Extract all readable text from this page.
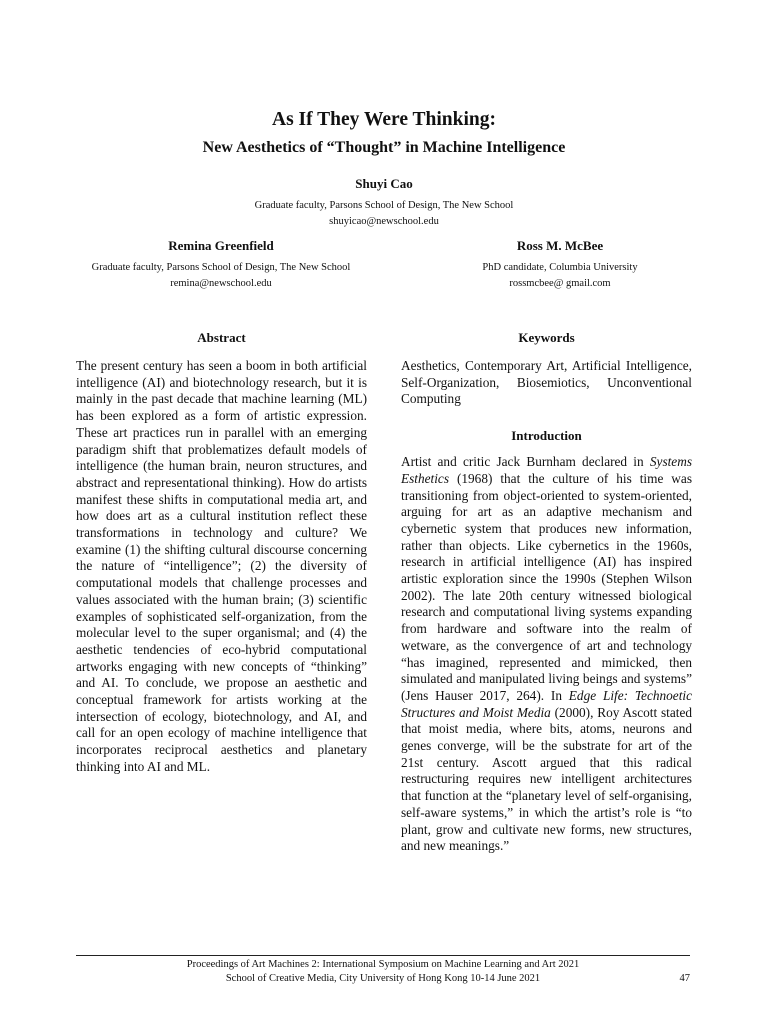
As If They Were Thinking:
New Aesthetics of “Thought” in Machine Intelligence
Shuyi Cao
Graduate faculty, Parsons School of Design, The New School
shuyicao@newschool.edu
Remina Greenfield
Graduate faculty, Parsons School of Design, The New School
remina@newschool.edu
Ross M. McBee
PhD candidate, Columbia University
rossmcbee@ gmail.com
Abstract

The present century has seen a boom in both artificial intelligence (AI) and biotechnology research, but it is mainly in the past decade that machine learning (ML) has been explored as a form of artistic expression. These art practices run in parallel with an emerging paradigm shift that problematizes default models of intelligence (the human brain, neuron structures, and abstract and representational thinking). How do artists manifest these shifts in computational media art, and how does art as a cultural institution reflect these transformations in technology and culture? We examine (1) the shifting cultural discourse concerning the nature of “intelligence”; (2) the diversity of computational models that challenge processes and values associated with the human brain; (3) scientific examples of sophisticated self-organization, from the molecular level to the super organismal; and (4) the aesthetic tendencies of eco-hybrid computational artworks engaging with new concepts of “thinking” and AI. To conclude, we propose an aesthetic and conceptual framework for artists working at the intersection of ecology, biotechnology, and AI, and call for an open ecology of machine intelligence that incorporates reciprocal aesthetics and planetary thinking into AI and ML.

Keywords

Aesthetics, Contemporary Art, Artificial Intelligence, Self-Organization, Biosemiotics, Unconventional Computing

Introduction

Artist and critic Jack Burnham declared in Systems Esthetics (1968) that the culture of his time was transitioning from object-oriented to system-oriented, arguing for art as an adaptive mechanism and cybernetic system that produces new information, rather than objects. Like cybernetics in the 1960s, research in artificial intelligence (AI) has inspired artistic exploration since the 1990s (Stephen Wilson 2002). The late 20th century witnessed biological research and computational living systems expanding from hardware and software into the realm of wetware, as the convergence of art and technology “has imagined, represented and mimicked, then simulated and manipulated living beings and systems” (Jens Hauser 2017, 264). In Edge Life: Technoetic Structures and Moist Media (2000), Roy Ascott stated that moist media, where bits, atoms, neurons and genes converge, will be the substrate for art of the 21st century. Ascott argued that this radical restructuring requires new intelligent architectures that function at the “planetary level of self-organising, self-aware systems,” in which the artist’s role is “to plant, grow and cultivate new forms, new structures, and new meanings.”

Proceedings of Art Machines 2: International Symposium on Machine Learning and Art 2021
School of Creative Media, City University of Hong Kong 10-14 June 2021	47
